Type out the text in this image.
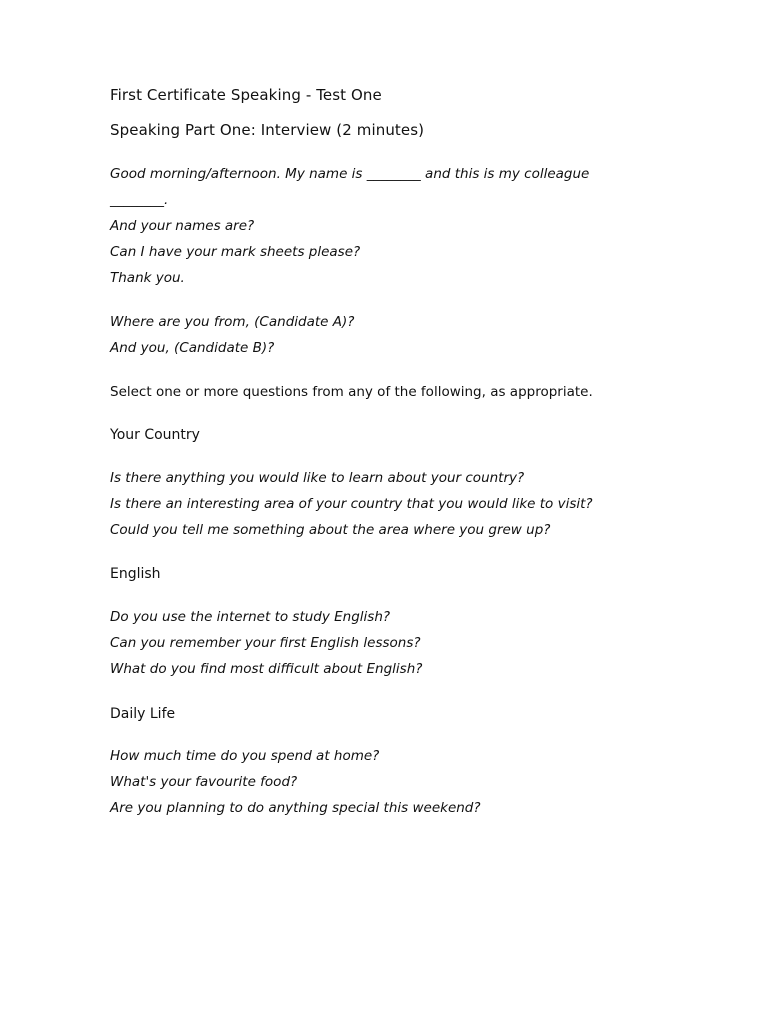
First Certificate Speaking - Test One
Speaking Part One: Interview (2 minutes)
Good morning/afternoon. My name is ________ and this is my colleague
________.
And your names are?
Can I have your mark sheets please?
Thank you.
Where are you from, (Candidate A)?
And you, (Candidate B)?
Select one or more questions from any of the following, as appropriate.
Your Country
Is there anything you would like to learn about your country?
Is there an interesting area of your country that you would like to visit?
Could you tell me something about the area where you grew up?
English
Do you use the internet to study English?
Can you remember your first English lessons?
What do you find most difficult about English?
Daily Life
How much time do you spend at home?
What's your favourite food?
Are you planning to do anything special this weekend?
